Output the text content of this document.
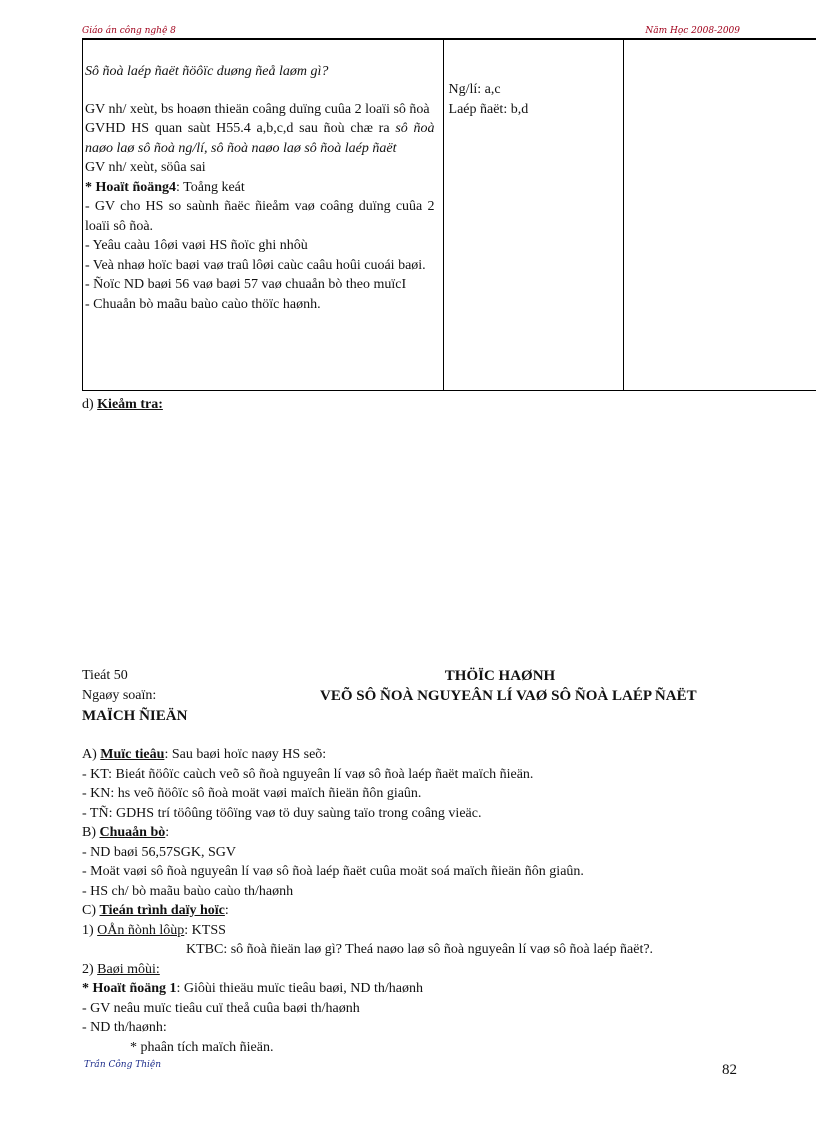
Giáo án công nghệ 8	Năm Học 2008-2009
Sô ñoà laép ñaët ñöôïc duøng ñeå laøm gì?
GV nh/ xeùt, bs hoaøn thieän coâng duïng cuûa 2 loaïi sô ñoà
GVHD HS quan saùt H55.4 a,b,c,d sau ñoù chæ ra sô ñoà naøo laø sô ñoà ng/lí, sô ñoà naøo laø sô ñoà laép ñaët
GV nh/ xeùt, söûa sai
* Hoaït ñoäng4: Toång keát
- GV cho HS so saùnh ñaëc ñieåm vaø coâng duïng cuûa 2 loaïi sô ñoà.
- Yeâu caàu 1ôøi vaøi HS ñoïc ghi nhôù
- Veà nhaø hoïc baøi vaø traû lôøi caùc caâu hoûi cuoái baøi.
- Ñoïc ND baøi 56 vaø baøi 57 vaø chuaån bò theo muïcI
- Chuaån bò maãu baùo caùo thöïc haønh.

Ng/lí: a,c
Laép ñaët: b,d

d) Kieåm tra:
Tieát 50
Ngaøy soaïn:
MAÏCH ÑIEÄN
THÖÏC HAØNH
VEÕ SÔ ÑOÀ NGUYEÂN LÍ VAØ SÔ ÑOÀ LAÉP ÑAËT
A) Muïc tieâu: Sau baøi hoïc naøy HS seõ:
- KT: Bieát ñöôïc caùch veõ sô ñoà nguyeân lí vaø sô ñoà laép ñaët maïch ñieän.
- KN: hs veõ ñöôïc sô ñoà moät vaøi maïch ñieän ñôn giaûn.
- TÑ: GDHS trí töôûng töôïng vaø tö duy saùng taïo trong coâng vieäc.
B) Chuaån bò:
- ND baøi 56,57SGK, SGV
- Moät vaøi sô ñoà nguyeân lí vaø sô ñoà laép ñaët cuûa moät soá maïch ñieän ñôn giaûn.
- HS ch/ bò maãu baùo caùo th/haønh
C) Tieán trình daïy hoïc:
1) OÅn ñònh lôùp: KTSS
KTBC: sô ñoà ñieän laø gì? Theá naøo laø sô ñoà nguyeân lí vaø sô ñoà laép ñaët?.
2) Baøi môùi:
* Hoaït ñoäng 1: Giôùi thieäu muïc tieâu baøi, ND th/haønh
- GV neâu muïc tieâu cuï theå cuûa baøi th/haønh
- ND th/haønh:
* phaân tích maïch ñieän.
Trần Công Thiện	82
